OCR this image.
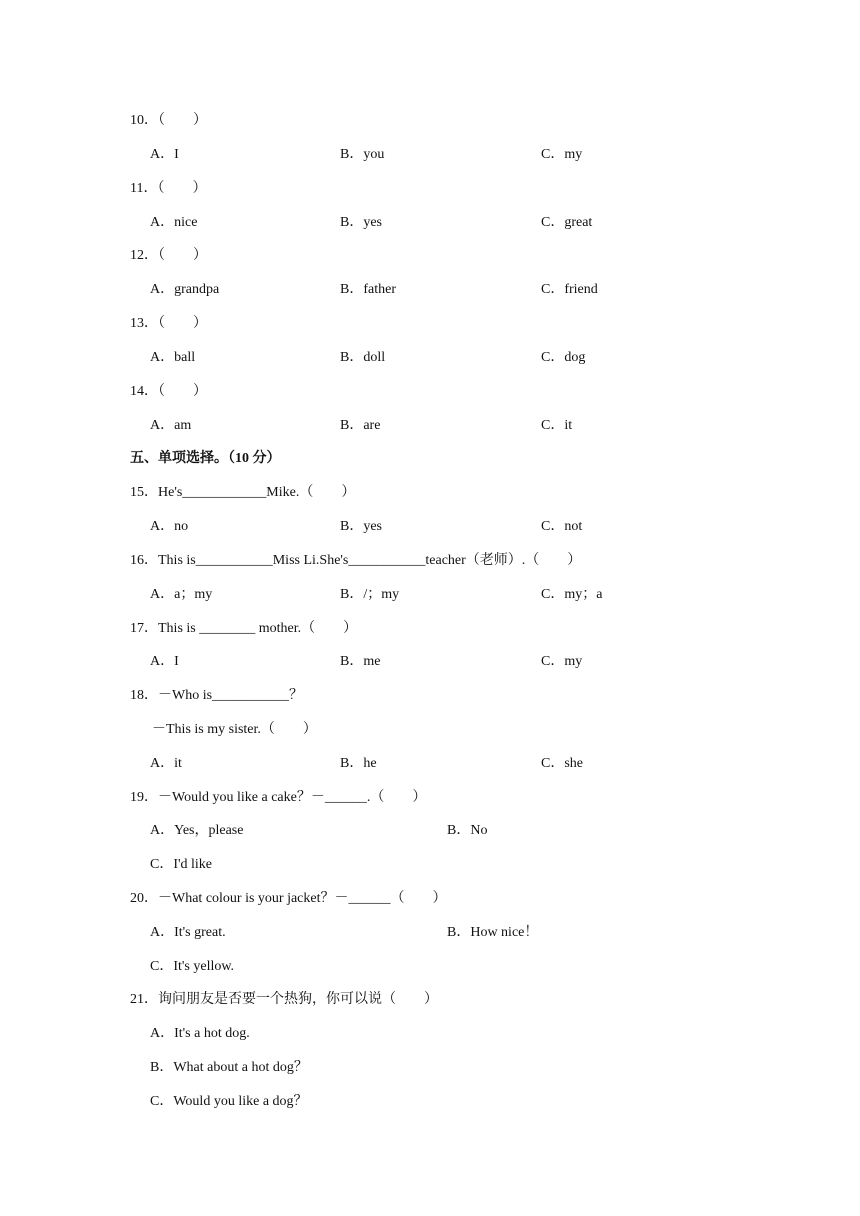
10．（　　）
A．I	B．you	C．my
11．（　　）
A．nice	B．yes	C．great
12．（　　）
A．grandpa	B．father	C．friend
13．（　　）
A．ball	B．doll	C．dog
14．（　　）
A．am	B．are	C．it
五、单项选择。（10 分）
15．He's____________Mike.（　　）
A．no	B．yes	C．not
16．This is___________Miss Li.She's___________teacher（老师）.（　　）
A．a；my	B．/；my	C．my；a
17．This is ________ mother.（　　）
A．I	B．me	C．my
18．－Who is___________？
－This is my sister.（　　）
A．it	B．he	C．she
19．－Would you like a cake？－______.（　　）
A．Yes，please	B．No
C．I'd like
20．－What colour is your jacket？－______（　　）
A．It's great.	B．How nice！
C．It's yellow.
21．询问朋友是否要一个热狗，你可以说（　　）
A．It's a hot dog.
B．What about a hot dog？
C．Would you like a dog？
